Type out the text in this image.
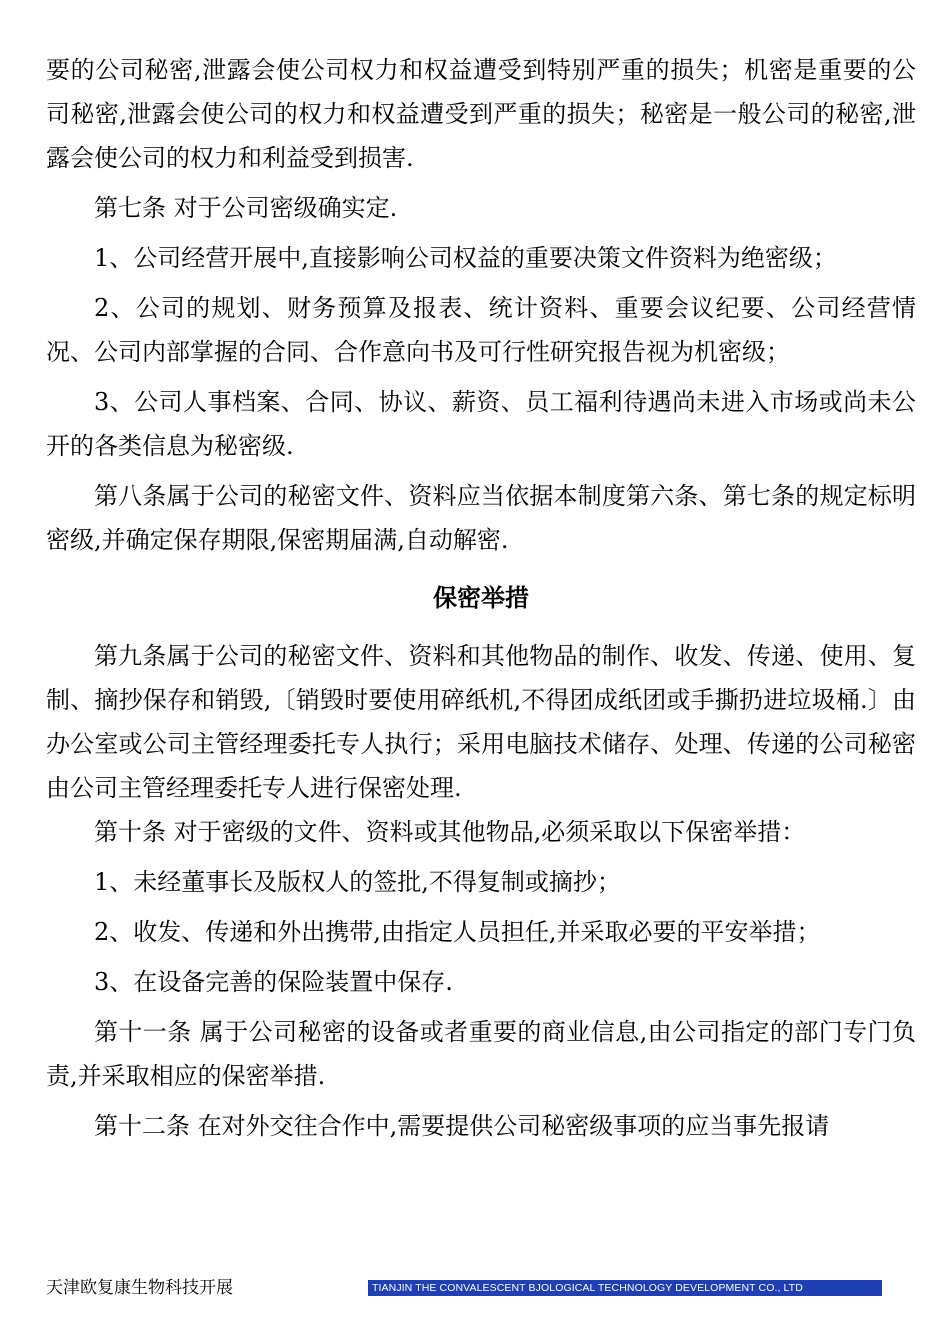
要的公司秘密,泄露会使公司权力和权益遭受到特别严重的损失；机密是重要的公司秘密,泄露会使公司的权力和权益遭受到严重的损失；秘密是一般公司的秘密,泄露会使公司的权力和利益受到损害.

第七条 对于公司密级确实定.

1、公司经营开展中,直接影响公司权益的重要决策文件资料为绝密级；

2、公司的规划、财务预算及报表、统计资料、重要会议纪要、公司经营情况、公司内部掌握的合同、合作意向书及可行性研究报告视为机密级；

3、公司人事档案、合同、协议、薪资、员工福利待遇尚未进入市场或尚未公开的各类信息为秘密级.

第八条属于公司的秘密文件、资料应当依据本制度第六条、第七条的规定标明密级,并确定保存期限,保密期届满,自动解密.

保密举措

第九条属于公司的秘密文件、资料和其他物品的制作、收发、传递、使用、复制、摘抄保存和销毁,〔销毁时要使用碎纸机,不得团成纸团或手撕扔进垃圾桶.〕由办公室或公司主管经理委托专人执行；采用电脑技术储存、处理、传递的公司秘密由公司主管经理委托专人进行保密处理.

第十条 对于密级的文件、资料或其他物品,必须采取以下保密举措：

1、未经董事长及版权人的签批,不得复制或摘抄；

2、收发、传递和外出携带,由指定人员担任,并采取必要的平安举措；

3、在设备完善的保险装置中保存.

第十一条 属于公司秘密的设备或者重要的商业信息,由公司指定的部门专门负责,并采取相应的保密举措.

第十二条 在对外交往合作中,需要提供公司秘密级事项的应当事先报请

天津欧复康生物科技开展	TIANJIN THE CONVALESCENT BJOLOGICAL TECHNOLOGY DEVELOPMENT CO., LTD
